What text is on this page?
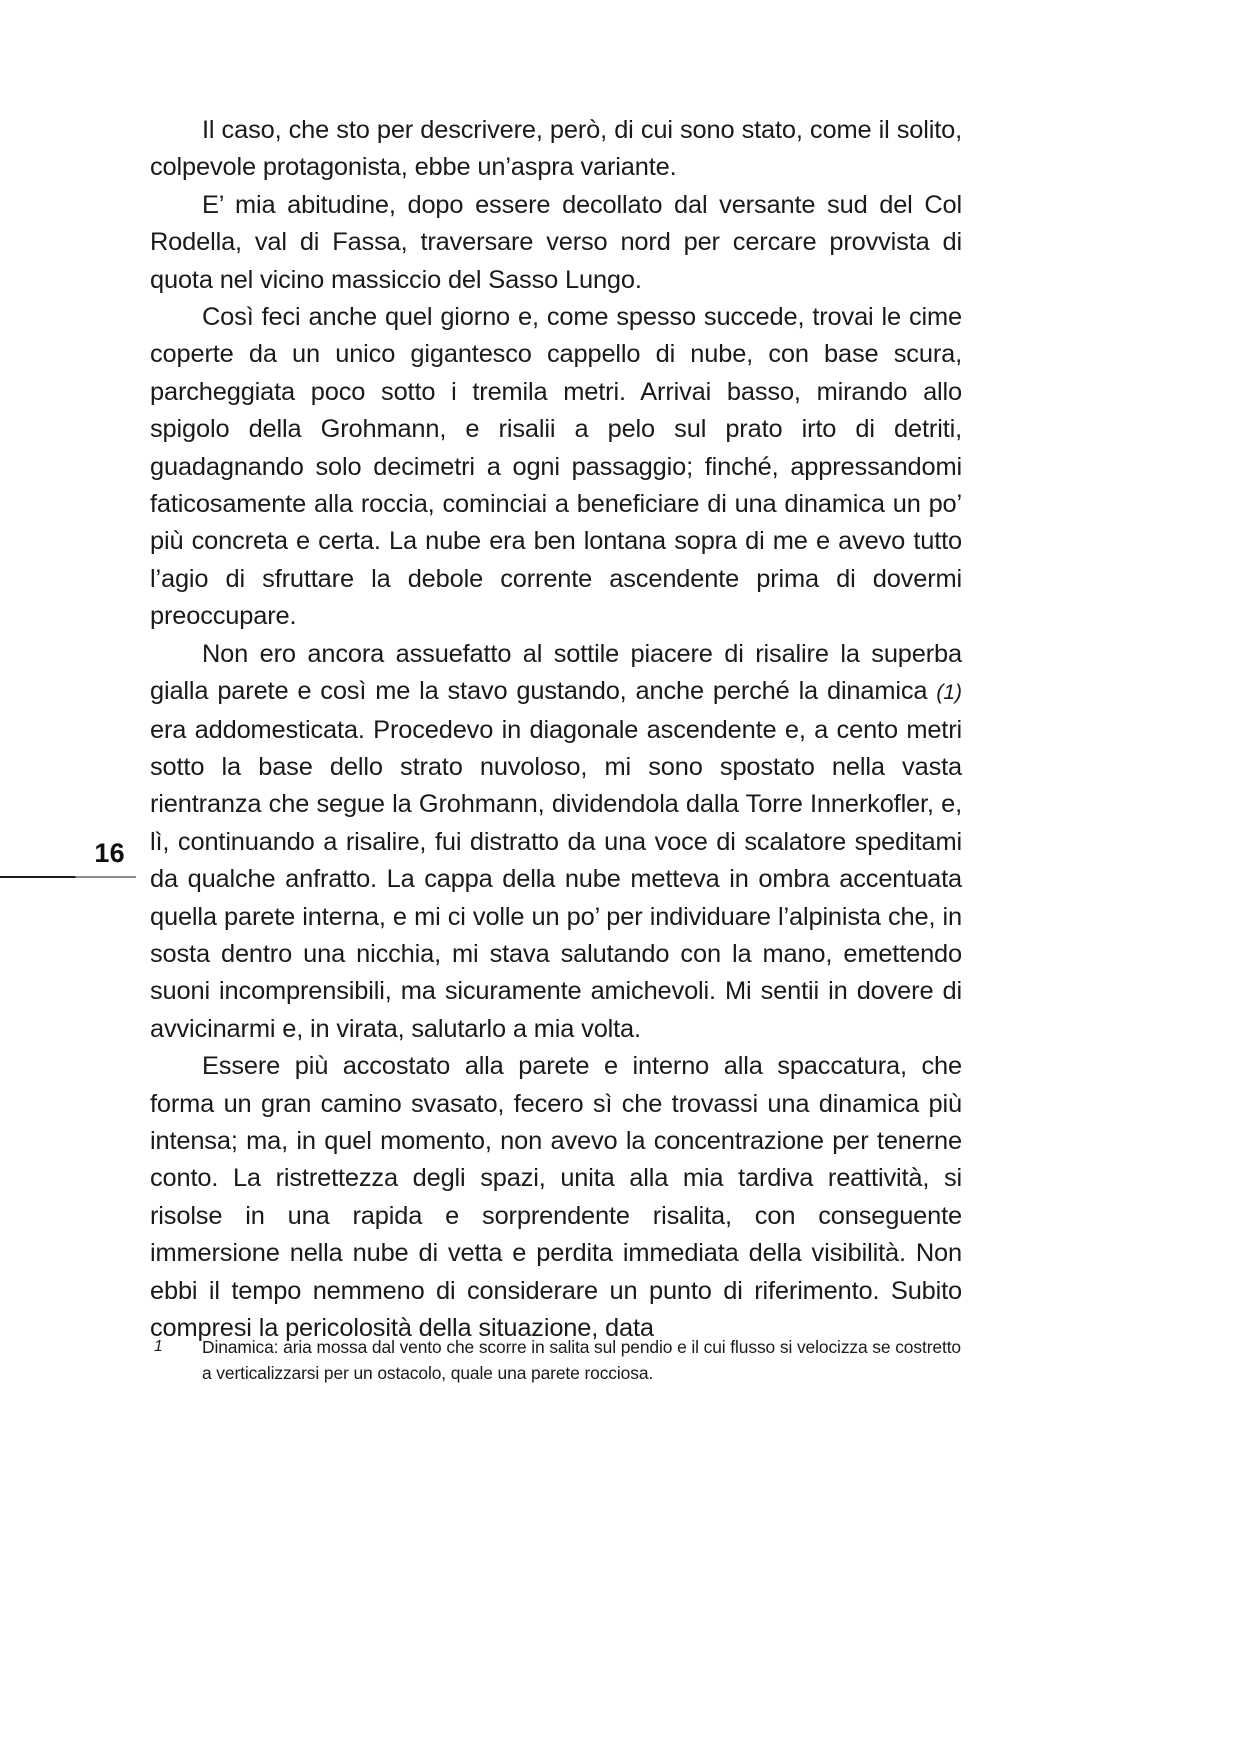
Il caso, che sto per descrivere, però, di cui sono stato, come il solito, colpevole protagonista, ebbe un’aspra variante.

E’ mia abitudine, dopo essere decollato dal versante sud del Col Rodella, val di Fassa, traversare verso nord per cercare provvista di quota nel vicino massiccio del Sasso Lungo.

Così feci anche quel giorno e, come spesso succede, trovai le cime coperte da un unico gigantesco cappello di nube, con base scura, parcheggiata poco sotto i tremila metri. Arrivai basso, mirando allo spigolo della Grohmann, e risalii a pelo sul prato irto di detriti, guadagnando solo decimetri a ogni passaggio; finché, appressandomi faticosamente alla roccia, cominciai a beneficiare di una dinamica un po’ più concreta e certa. La nube era ben lontana sopra di me e avevo tutto l’agio di sfruttare la debole corrente ascendente prima di dovermi preoccupare.

Non ero ancora assuefatto al sottile piacere di risalire la superba gialla parete e così me la stavo gustando, anche perché la dinamica (1) era addomesticata. Procedevo in diagonale ascendente e, a cento metri sotto la base dello strato nuvoloso, mi sono spostato nella vasta rientranza che segue la Grohmann, dividendola dalla Torre Innerkofler, e, lì, continuando a risalire, fui distratto da una voce di scalatore speditami da qualche anfratto. La cappa della nube metteva in ombra accentuata quella parete interna, e mi ci volle un po’ per individuare l’alpinista che, in sosta dentro una nicchia, mi stava salutando con la mano, emettendo suoni incomprensibili, ma sicuramente amichevoli. Mi sentii in dovere di avvicinarmi e, in virata, salutarlo a mia volta.

Essere più accostato alla parete e interno alla spaccatura, che forma un gran camino svasato, fecero sì che trovassi una dinamica più intensa; ma, in quel momento, non avevo la concentrazione per tenerne conto. La ristrettezza degli spazi, unita alla mia tardiva reattività, si risolse in una rapida e sorprendente risalita, con conseguente immersione nella nube di vetta e perdita immediata della visibilità. Non ebbi il tempo nemmeno di considerare un punto di riferimento. Subito compresi la pericolosità della situazione, data

16
1	Dinamica: aria mossa dal vento che scorre in salita sul pendio e il cui flusso si velocizza se costretto a verticalizzarsi per un ostacolo, quale una parete rocciosa.
